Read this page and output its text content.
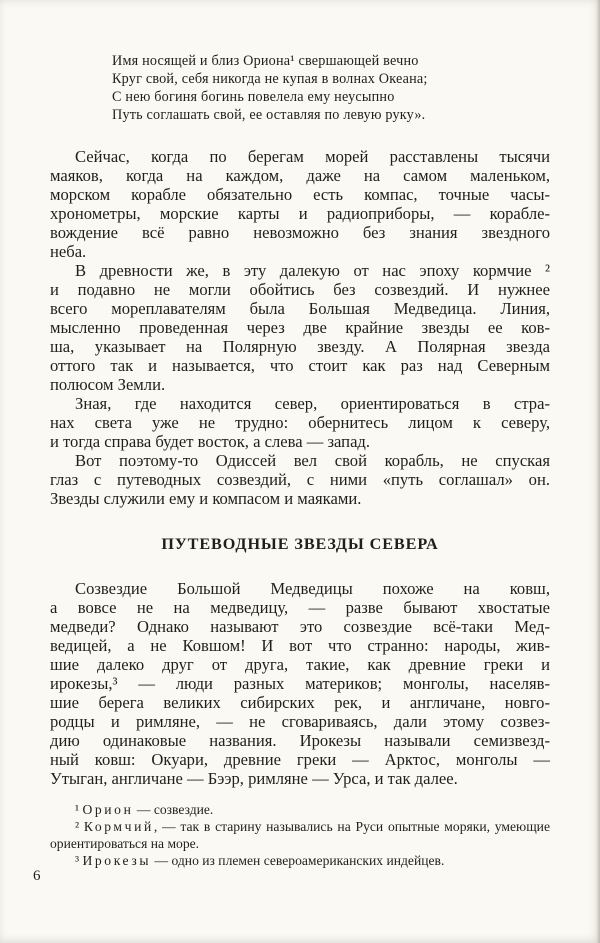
Имя носящей и близ Ориона¹ свершающей вечно
Круг свой, себя никогда не купая в волнах Океана;
С нею богиня богинь повелела ему неусыпно
Путь соглашать свой, ее оставляя по левую руку».
Сейчас, когда по берегам морей расставлены тысячи
маяков, когда на каждом, даже на самом маленьком,
морском корабле обязательно есть компас, точные часы-
хронометры, морские карты и радиоприборы, — корабле-
вождение всё равно невозможно без знания звездного
неба.
В древности же, в эту далекую от нас эпоху кормчие ²
и подавно не могли обойтись без созвездий. И нужнее
всего мореплавателям была Большая Медведица. Линия,
мысленно проведенная через две крайние звезды ее ков-
ша, указывает на Полярную звезду. А Полярная звезда
оттого так и называется, что стоит как раз над Северным
полюсом Земли.
Зная, где находится север, ориентироваться в стра-
нах света уже не трудно: обернитесь лицом к северу,
и тогда справа будет восток, а слева — запад.
Вот поэтому-то Одиссей вел свой корабль, не спуская
глаз с путеводных созвездий, с ними «путь соглашал» он.
Звезды служили ему и компасом и маяками.
ПУТЕВОДНЫЕ ЗВЕЗДЫ СЕВЕРА
Созвездие Большой Медведицы похоже на ковш,
а вовсе не на медведицу, — разве бывают хвостатые
медведи? Однако называют это созвездие всё-таки Мед-
ведицей, а не Ковшом! И вот что странно: народы, жив-
шие далеко друг от друга, такие, как древние греки и
ирокезы,³ — люди разных материков; монголы, населяв-
шие берега великих сибирских рек, и англичане, новго-
родцы и римляне, — не сговариваясь, дали этому созвез-
дию одинаковые названия. Ирокезы называли семизвезд-
ный ковш: Окуари, древние греки — Арктос, монголы —
Утыган, англичане — Бээр, римляне — Урса, и так далее.
¹ Орион — созвездие.
² Кормчий, — так в старину назывались на Руси опытные моряки, умеющие ориентироваться на море.
³ Ирокезы — одно из племен североамериканских индейцев.
6
